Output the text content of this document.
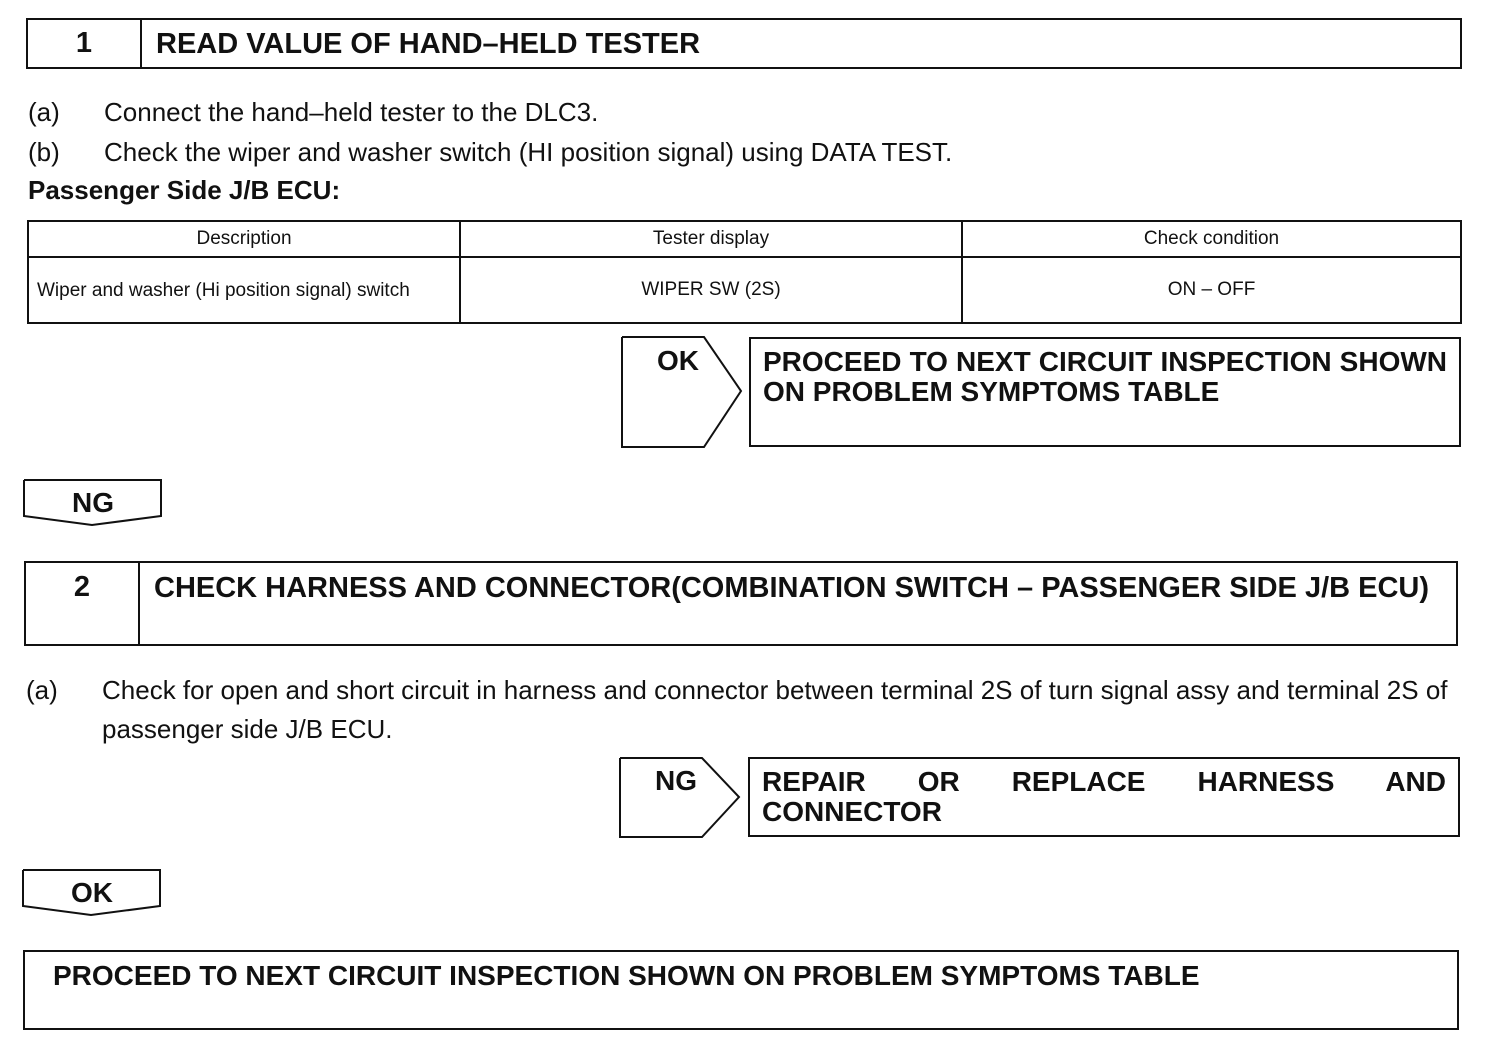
1	READ VALUE OF HAND–HELD TESTER
(a) Connect the hand–held tester to the DLC3.
(b) Check the wiper and washer switch (HI position signal) using DATA TEST.
Passenger Side J/B ECU:
Description	Tester display	Check condition
Wiper and washer (Hi position signal) switch	WIPER SW (2S)	ON – OFF
OK	PROCEED TO NEXT CIRCUIT INSPECTION SHOWN ON PROBLEM SYMPTOMS TABLE
NG
2	CHECK HARNESS AND CONNECTOR(COMBINATION SWITCH – PASSENGER SIDE J/B ECU)
(a) Check for open and short circuit in harness and connector between terminal 2S of turn signal assy and terminal 2S of passenger side J/B ECU.
NG	REPAIR OR REPLACE HARNESS AND CONNECTOR
OK
PROCEED TO NEXT CIRCUIT INSPECTION SHOWN ON PROBLEM SYMPTOMS TABLE
